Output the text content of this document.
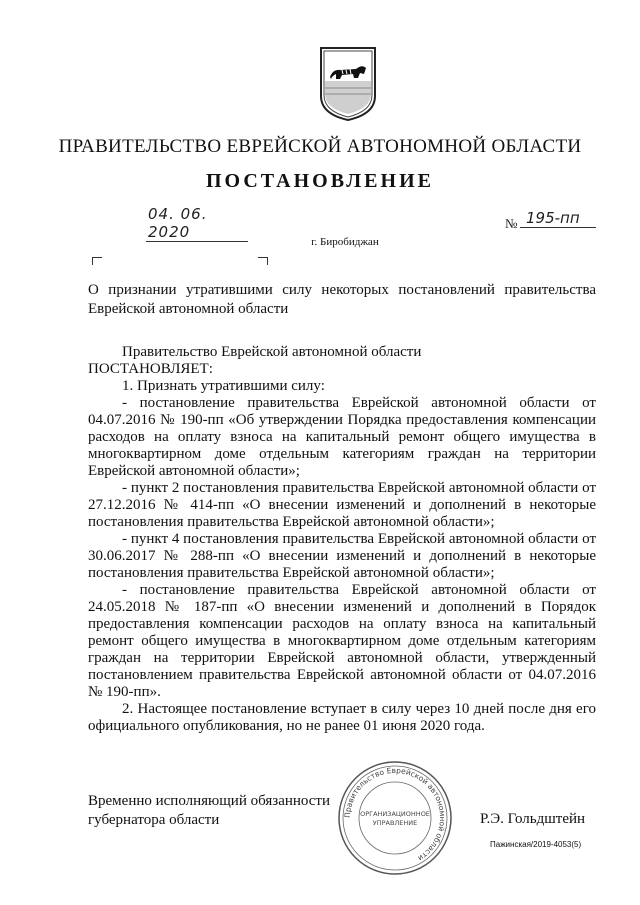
ПРАВИТЕЛЬСТВО ЕВРЕЙСКОЙ АВТОНОМНОЙ ОБЛАСТИ
ПОСТАНОВЛЕНИЕ
04. 06. 2020	№ 195-пп
г. Биробиджан
О признании утратившими силу некоторых постановлений правительства Еврейской автономной области

Правительство Еврейской автономной области

ПОСТАНОВЛЯЕТ:

1. Признать утратившими силу:

- постановление правительства Еврейской автономной области от 04.07.2016 № 190-пп «Об утверждении Порядка предоставления компенсации расходов на оплату взноса на капитальный ремонт общего имущества в многоквартирном доме отдельным категориям граждан на территории Еврейской автономной области»;

- пункт 2 постановления правительства Еврейской автономной области от 27.12.2016 № 414-пп «О внесении изменений и дополнений в некоторые постановления правительства Еврейской автономной области»;

- пункт 4 постановления правительства Еврейской автономной области от 30.06.2017 № 288-пп «О внесении изменений и дополнений в некоторые постановления правительства Еврейской автономной области»;

- постановление правительства Еврейской автономной области от 24.05.2018 № 187-пп «О внесении изменений и дополнений в Порядок предоставления компенсации расходов на оплату взноса на капитальный ремонт общего имущества в многоквартирном доме отдельным категориям граждан на территории Еврейской автономной области, утвержденный постановлением правительства Еврейской автономной области от 04.07.2016 № 190-пп».

2. Настоящее постановление вступает в силу через 10 дней после дня его официального опубликования, но не ранее 01 июня 2020 года.

Временно исполняющий обязанности
губернатора области	Правительство Еврейской автономной области
ОРГАНИЗАЦИОННОЕ
УПРАВЛЕНИЕ	Р.Э. Гольдштейн
Пажинская/2019-4053(5)
